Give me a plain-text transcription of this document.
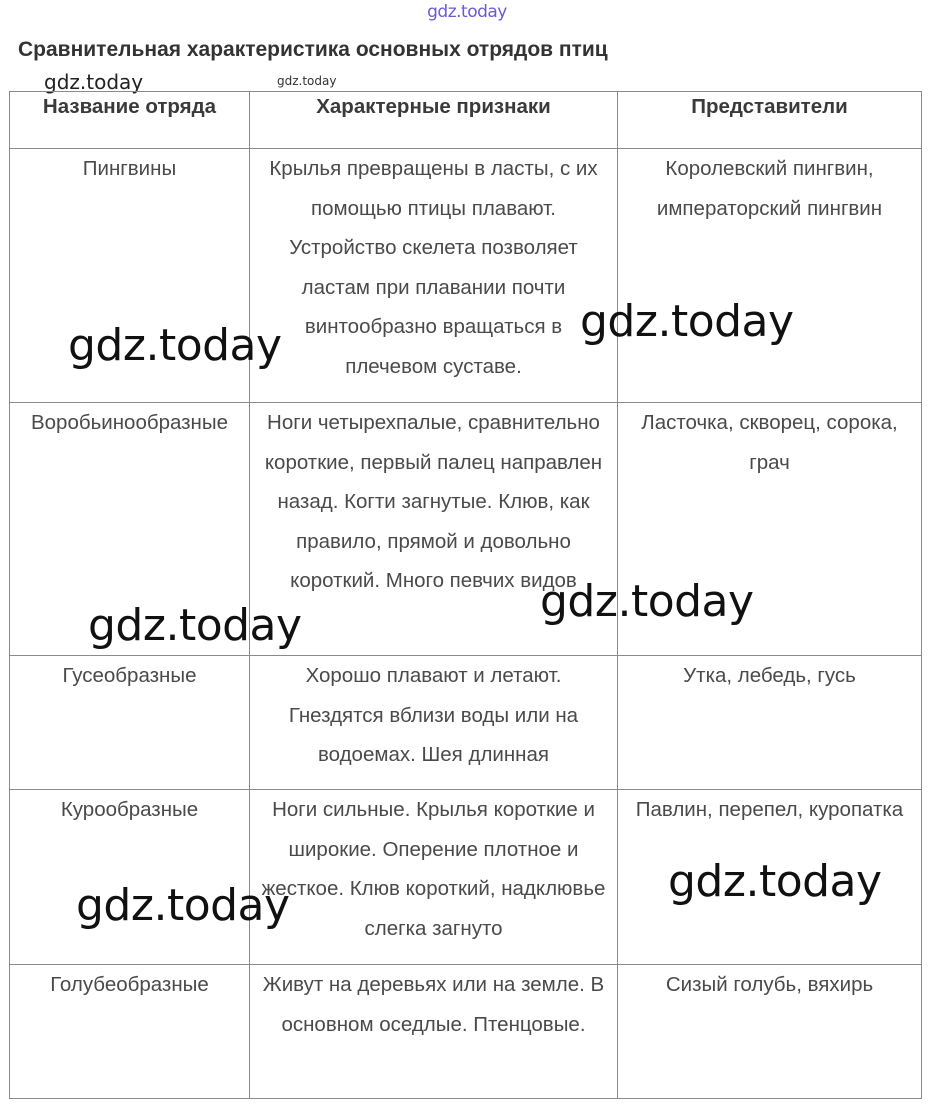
gdz.today
Сравнительная характеристика основных отрядов птиц
gdz.today	gdz.today
Название отряда	Характерные признаки	Представители
Пингвины	Крылья превращены в ласты, с их помощью птицы плавают. Устройство скелета позволяет ластам при плавании почти винтообразно вращаться в плечевом суставе.	Королевский пингвин, императорский пингвин
Воробьинообразные	Ноги четырехпалые, сравнительно короткие, первый палец направлен назад. Когти загнутые. Клюв, как правило, прямой и довольно короткий. Много певчих видов	Ласточка, скворец, сорока, грач
Гусеобразные	Хорошо плавают и летают. Гнездятся вблизи воды или на водоемах. Шея длинная	Утка, лебедь, гусь
Курообразные	Ноги сильные. Крылья короткие и широкие. Оперение плотное и жесткое. Клюв короткий, надклювье слегка загнуто	Павлин, перепел, куропатка
Голубеобразные	Живут на деревьях или на земле. В основном оседлые. Птенцовые.	Сизый голубь, вяхирь
gdz.today	gdz.today
gdz.today	gdz.today
gdz.today	gdz.today
